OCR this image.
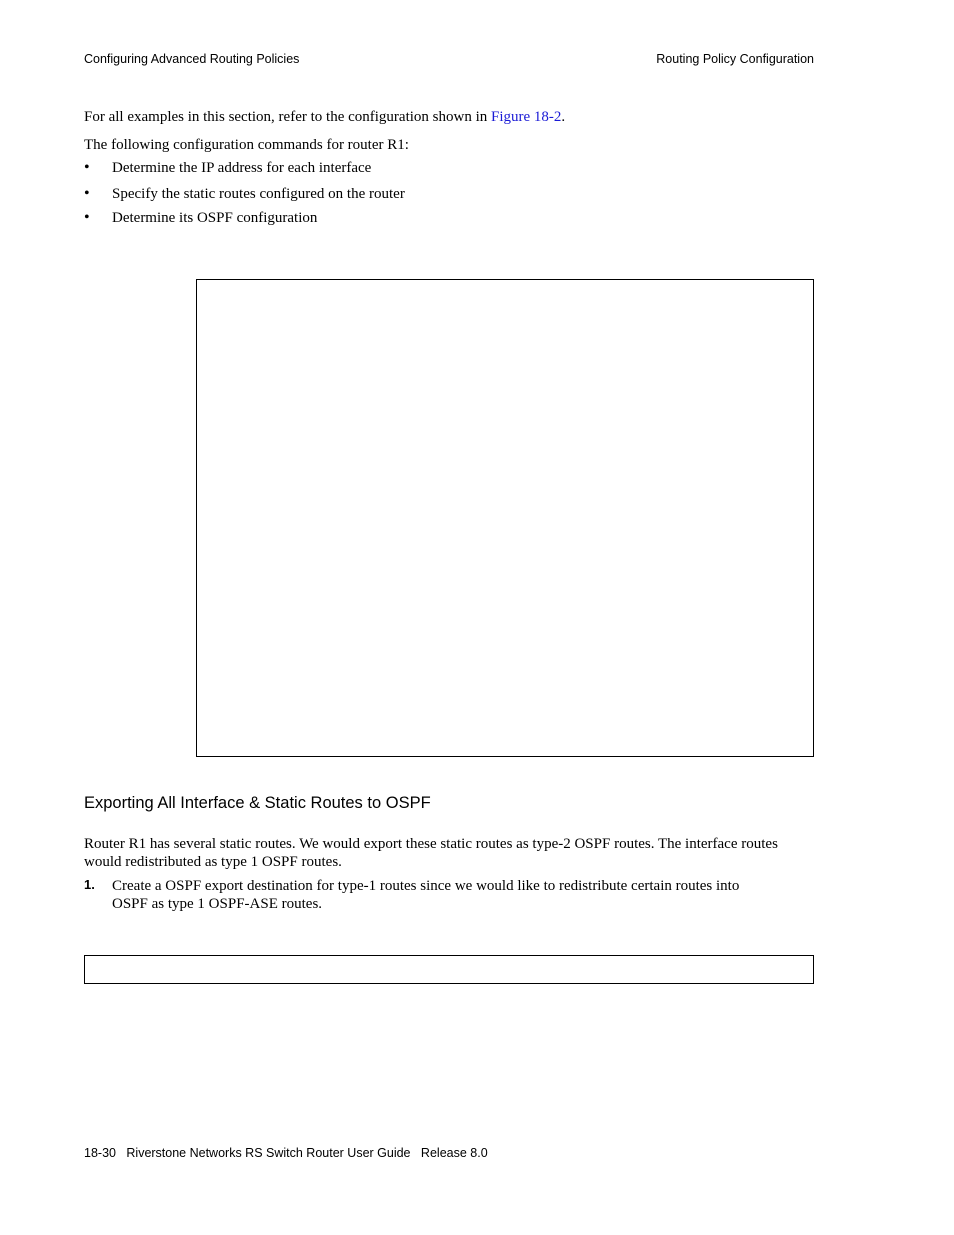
Configuring Advanced Routing Policies	Routing Policy Configuration
For all examples in this section, refer to the configuration shown in Figure 18-2.
The following configuration commands for router R1:
• Determine the IP address for each interface
• Specify the static routes configured on the router
• Determine its OSPF configuration
Exporting All Interface & Static Routes to OSPF
Router R1 has several static routes. We would export these static routes as type-2 OSPF routes. The interface routes would redistributed as type 1 OSPF routes.
1. Create a OSPF export destination for type-1 routes since we would like to redistribute certain routes into OSPF as type 1 OSPF-ASE routes.
18-30   Riverstone Networks RS Switch Router User Guide   Release 8.0
